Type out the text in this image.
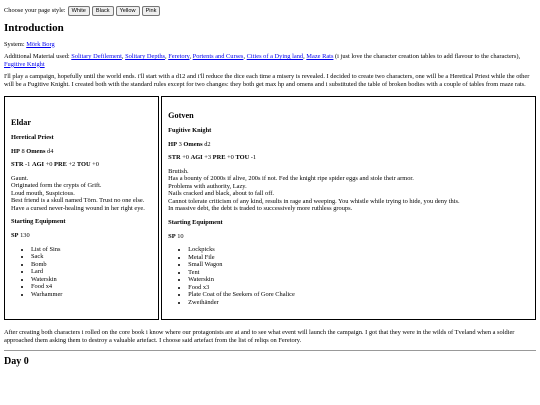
Choose your page style:	White	Black	Yellow	Pink
Introduction

System: Mörk Borg

Additional Material used: Solitary Defilement, Solitary Depths, Feretory, Portents and Curses, Cities of a Dying land, Maze Rats (i just love the character creation tables to add flavour to the characters), Fugitive Knight

I'll play a campaign, hopefully until the world ends. i'll start with a d12 and i'll reduce the dice each time a misery is revealed. I decided to create two characters, one will be a Heretical Priest while the other will be a Fugitive Knight. I created both with the standard rules except for two changes: they both get max hp and omens and i substituted the table of broken bodies with a couple of tables from maze rats.

Eldar
Heretical Priest

HP 8 Omens d4

STR -1 AGI +0 PRE +2 TOU +0

Gaunt.
Originated form the crypts of Grift.
Loud mouth, Suspicious.
Best friend is a skull named Törn. Trust no one else.
Have a cursed never-healing wound in her right eye.

Starting Equipment

SP 130

• List of Sins
• Sack
• Bomb
• Lard
• Waterskin
• Food x4
• Warhammer
Gotven
Fugitive Knight

HP 3 Omens d2

STR +0 AGI +3 PRE +0 TOU -1

Brutish.
Has a bounty of 2000s if alive, 200s if not. Fed the knight ripe spider eggs and stole their armor.
Problems with authority, Lazy.
Nails cracked and black, about to fall off.
Cannot tolerate criticism of any kind, results in rage and weeping. You whistle while trying to hide, you deny this.
In massive debt, the debt is traded to successively more ruthless groups.

Starting Equipment

SP 10

• Lockpicks
• Metal File
• Small Wagon
• Tent
• Waterskin
• Food x3
• Plate Coat of the Seekers of Gore Chalice
• Zweihänder

After creating both characters i rolled on the core book i know where our protagonists are at and to see what event will launch the campaign. I got that they were in the wilds of Tveland when a soldier approached them asking them to destroy a valuable artefact. I choose said artefact from the list of reliqs on Feretory.

Day 0
